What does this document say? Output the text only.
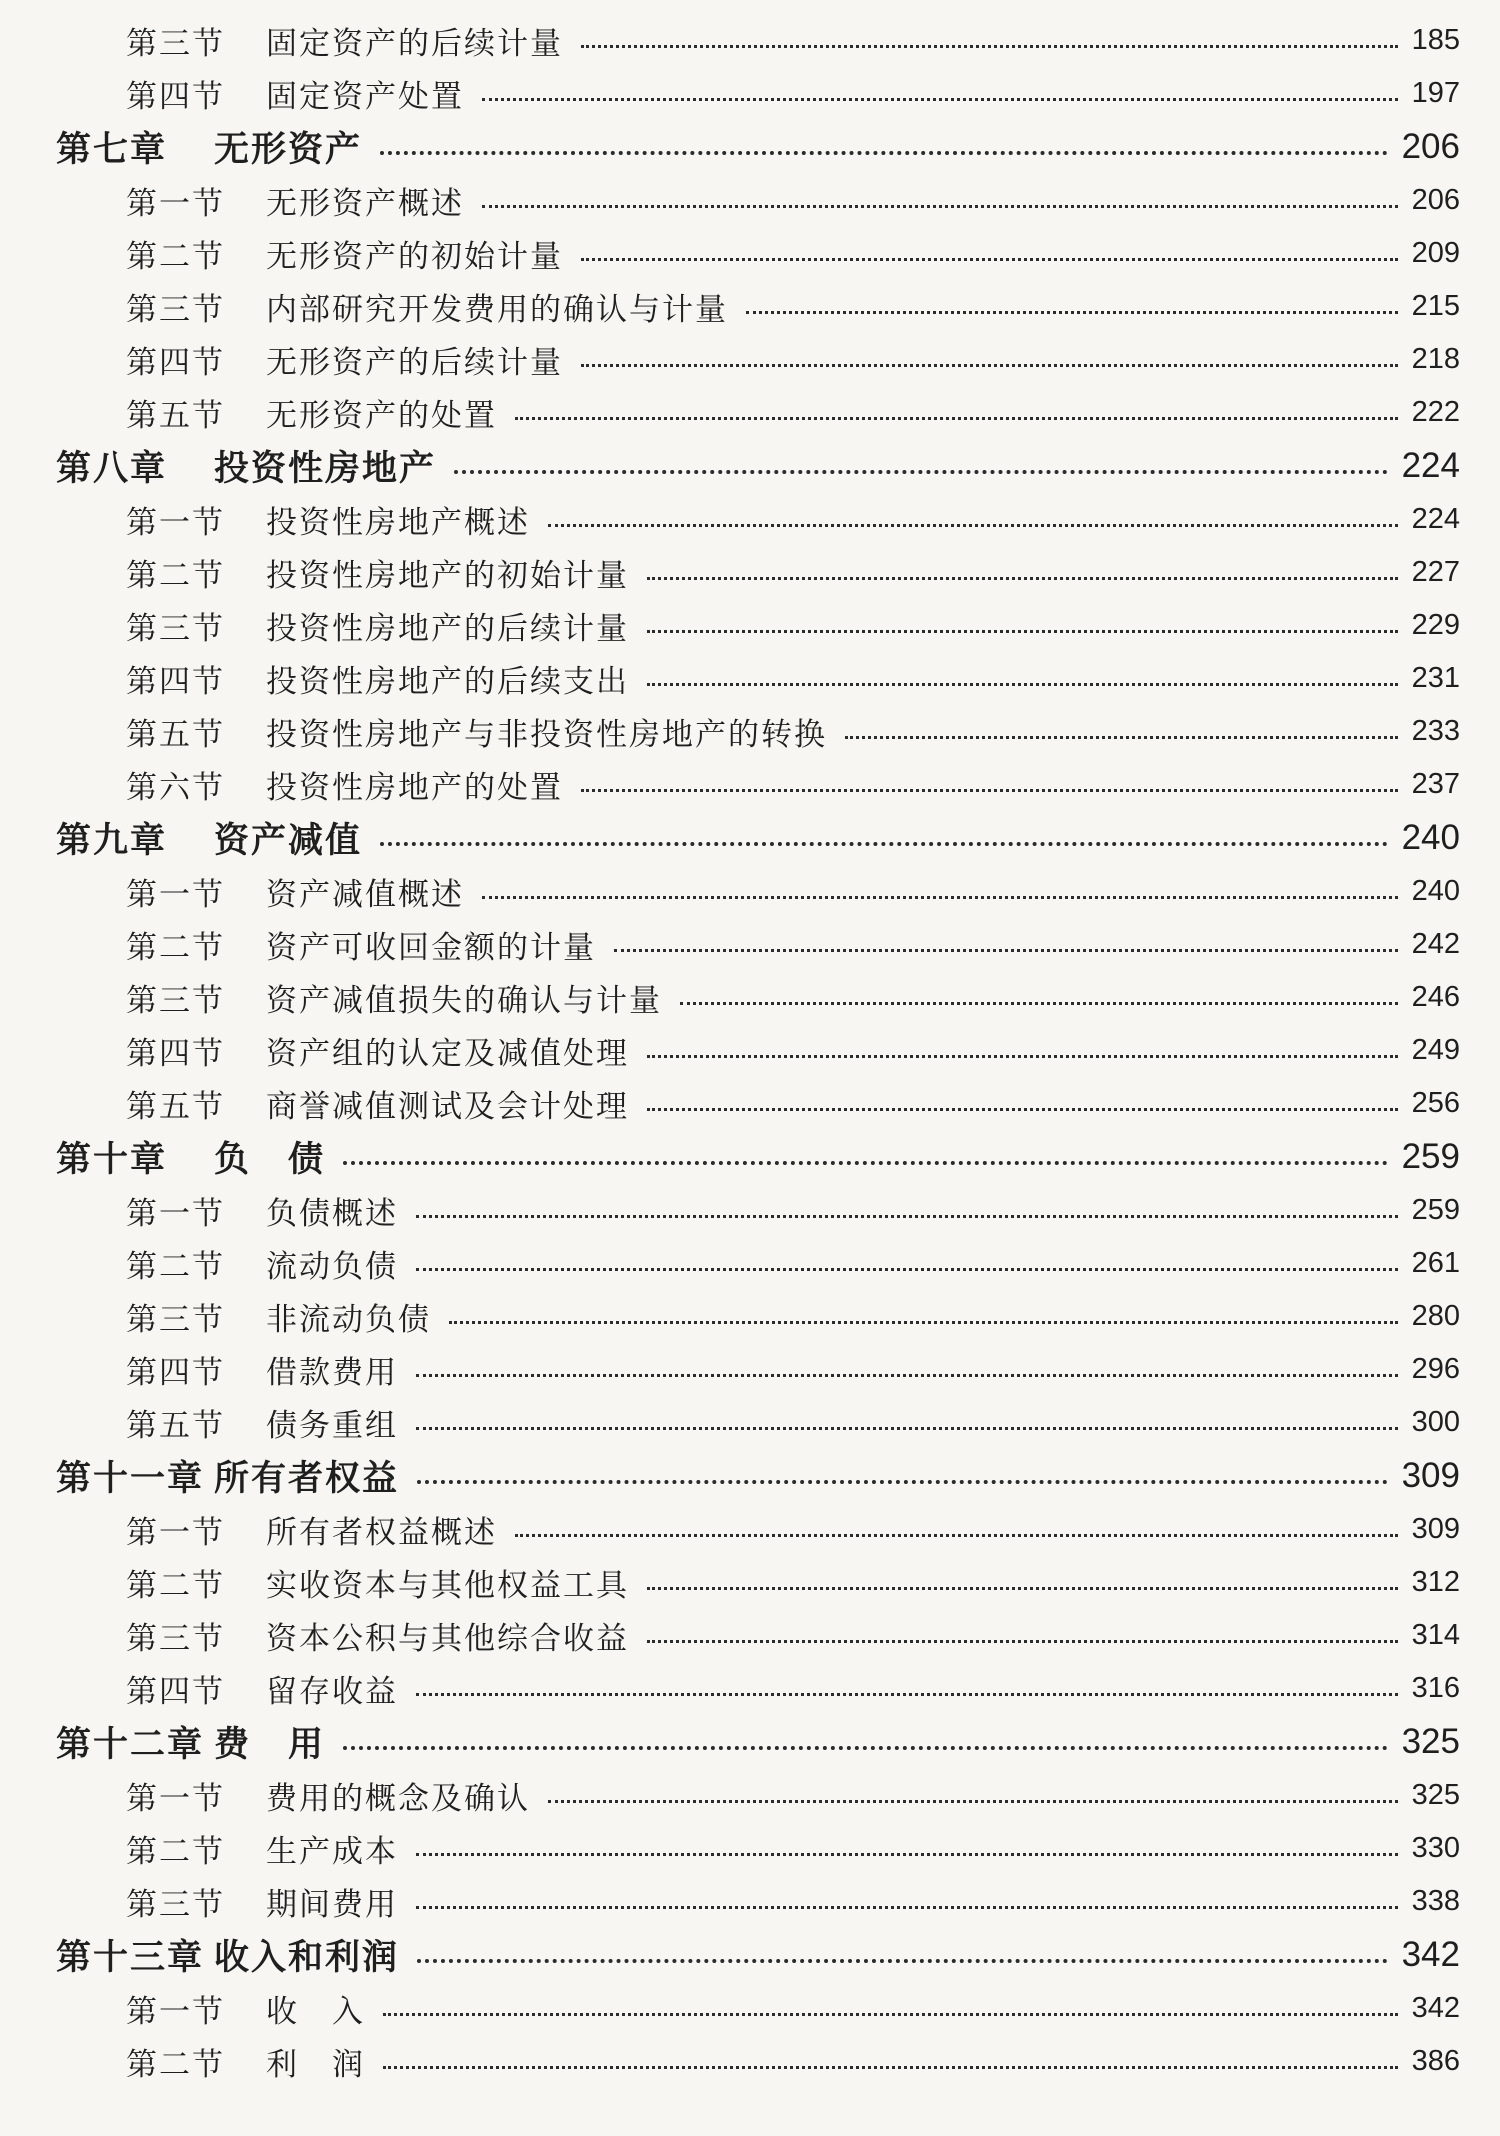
第三节	固定资产的后续计量	185
第四节	固定资产处置	197
第七章	无形资产	206
第一节	无形资产概述	206
第二节	无形资产的初始计量	209
第三节	内部研究开发费用的确认与计量	215
第四节	无形资产的后续计量	218
第五节	无形资产的处置	222
第八章	投资性房地产	224
第一节	投资性房地产概述	224
第二节	投资性房地产的初始计量	227
第三节	投资性房地产的后续计量	229
第四节	投资性房地产的后续支出	231
第五节	投资性房地产与非投资性房地产的转换	233
第六节	投资性房地产的处置	237
第九章	资产减值	240
第一节	资产减值概述	240
第二节	资产可收回金额的计量	242
第三节	资产减值损失的确认与计量	246
第四节	资产组的认定及减值处理	249
第五节	商誉减值测试及会计处理	256
第十章	负　债	259
第一节	负债概述	259
第二节	流动负债	261
第三节	非流动负债	280
第四节	借款费用	296
第五节	债务重组	300
第十一章 所有者权益	309
第一节	所有者权益概述	309
第二节	实收资本与其他权益工具	312
第三节	资本公积与其他综合收益	314
第四节	留存收益	316
第十二章 费　用	325
第一节	费用的概念及确认	325
第二节	生产成本	330
第三节	期间费用	338
第十三章 收入和利润	342
第一节	收　入	342
第二节	利　润	386
